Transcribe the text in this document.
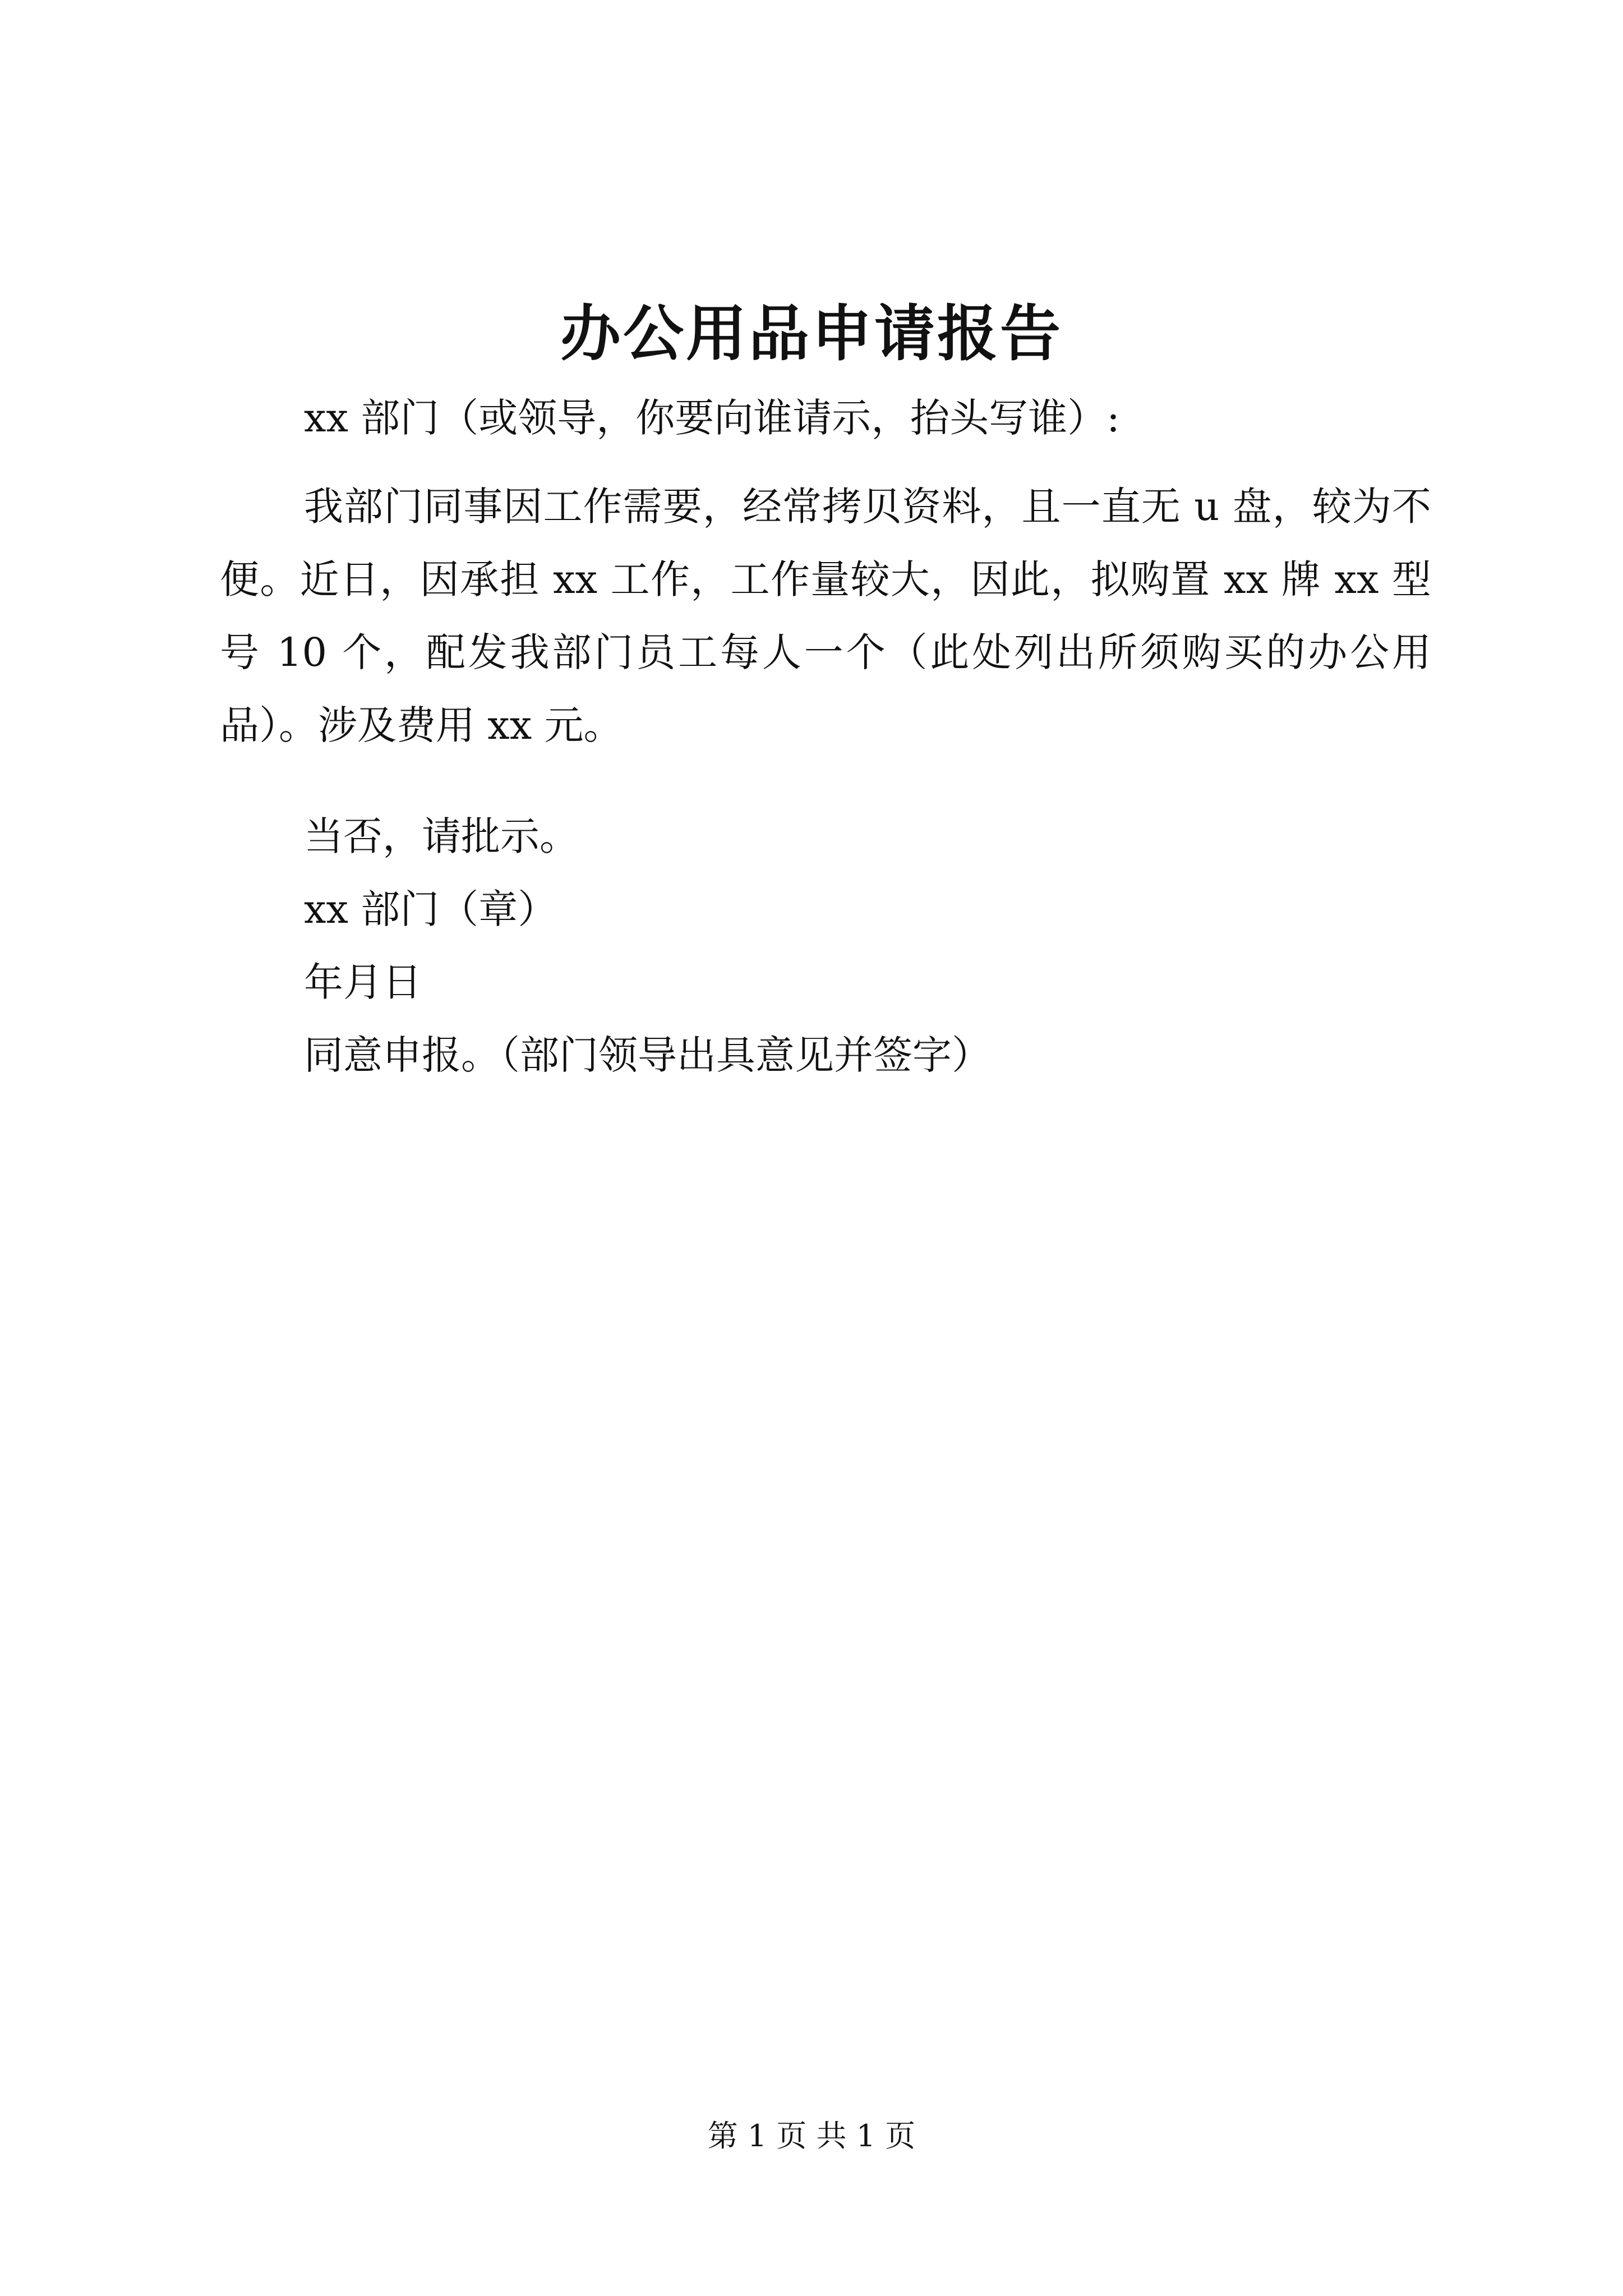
办公用品申请报告

xx 部门（或领导，你要向谁请示，抬头写谁）:

我部门同事因工作需要，经常拷贝资料，且一直无 u 盘，较为不便。近日，因承担 xx 工作，工作量较大，因此，拟购置 xx 牌 xx 型号 10 个，配发我部门员工每人一个（此处列出所须购买的办公用品）。涉及费用 xx 元。

当否，请批示。

xx 部门（章）

年月日

同意申报。（部门领导出具意见并签字）

第 1 页 共 1 页
